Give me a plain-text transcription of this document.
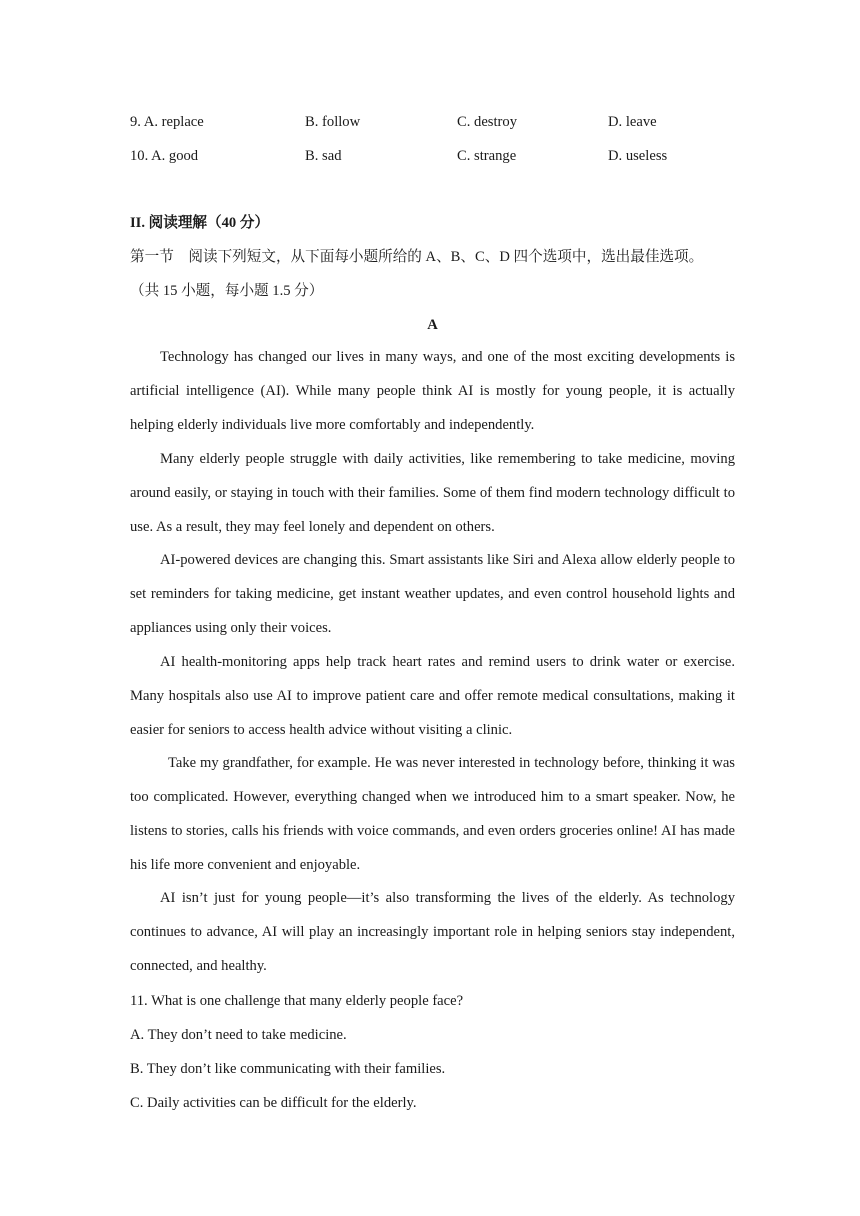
9. A. replace	B. follow	C. destroy	D. leave
10. A. good	B. sad	C. strange	D. useless
II. 阅读理解（40 分）
第一节　阅读下列短文，从下面每小题所给的 A、B、C、D 四个选项中，选出最佳选项。
（共 15 小题，每小题 1.5 分）
A

Technology has changed our lives in many ways, and one of the most exciting developments is artificial intelligence (AI). While many people think AI is mostly for young people, it is actually helping elderly individuals live more comfortably and independently.

Many elderly people struggle with daily activities, like remembering to take medicine, moving around easily, or staying in touch with their families. Some of them find modern technology difficult to use. As a result, they may feel lonely and dependent on others.

AI-powered devices are changing this. Smart assistants like Siri and Alexa allow elderly people to set reminders for taking medicine, get instant weather updates, and even control household lights and appliances using only their voices.

AI health-monitoring apps help track heart rates and remind users to drink water or exercise. Many hospitals also use AI to improve patient care and offer remote medical consultations, making it easier for seniors to access health advice without visiting a clinic.

Take my grandfather, for example. He was never interested in technology before, thinking it was too complicated. However, everything changed when we introduced him to a smart speaker. Now, he listens to stories, calls his friends with voice commands, and even orders groceries online! AI has made his life more convenient and enjoyable.

AI isn’t just for young people—it’s also transforming the lives of the elderly. As technology continues to advance, AI will play an increasingly important role in helping seniors stay independent, connected, and healthy.

11. What is one challenge that many elderly people face?
A. They don’t need to take medicine.
B. They don’t like communicating with their families.
C. Daily activities can be difficult for the elderly.
